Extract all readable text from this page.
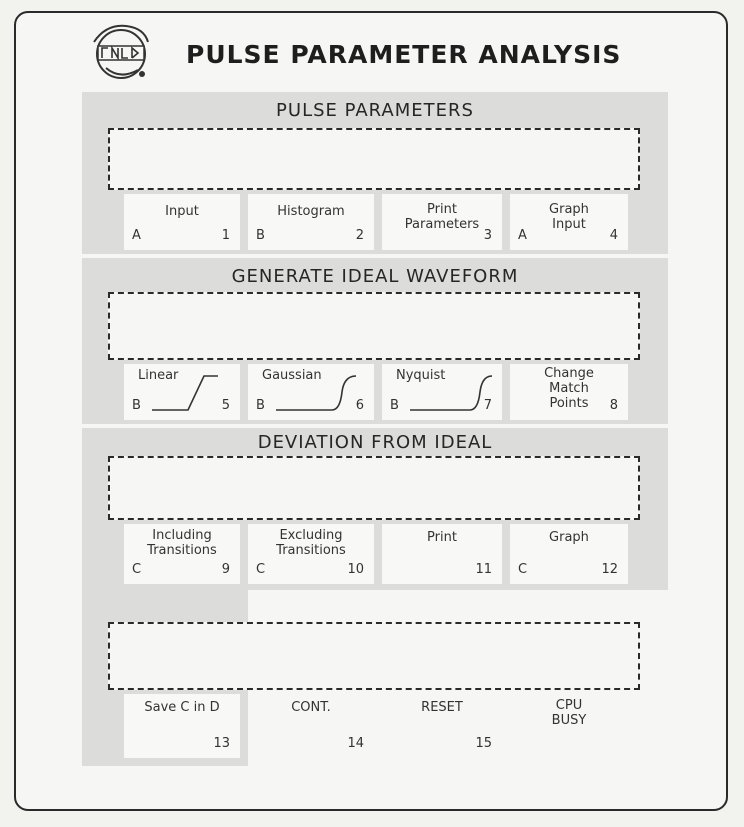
PULSE PARAMETER ANALYSIS
PULSE PARAMETERS
Input
A	1
Histogram
B	2
Print
Parameters
3
Graph
Input
A	4
GENERATE IDEAL WAVEFORM
Linear
B	5
Gaussian
B	6
Nyquist
B	7
Change
Match
Points	8
DEVIATION FROM IDEAL
Including
Transitions
C	9
Excluding
Transitions
C	10
Print
11
Graph
C	12
Save C in D
13
CONT.
14
RESET
15
CPU
BUSY
